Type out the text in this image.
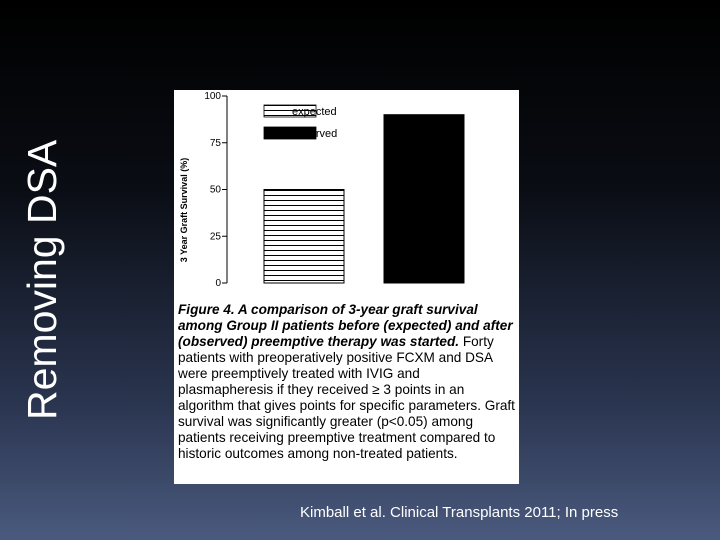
Removing DSA	3 Year Graft Survival (%)
0
25
50
75
100
expected
observed
Figure 4. A comparison of 3-year graft survival among Group II patients before (expected) and after (observed) preemptive therapy was started. Forty patients with preoperatively positive FCXM and DSA were preemptively treated with IVIG and plasmapheresis if they received ≥ 3 points in an algorithm that gives points for specific parameters. Graft survival was significantly greater (p<0.05) among patients receiving preemptive treatment compared to historic outcomes among non-treated patients.
Kimball et al. Clinical Transplants 2011; In press
